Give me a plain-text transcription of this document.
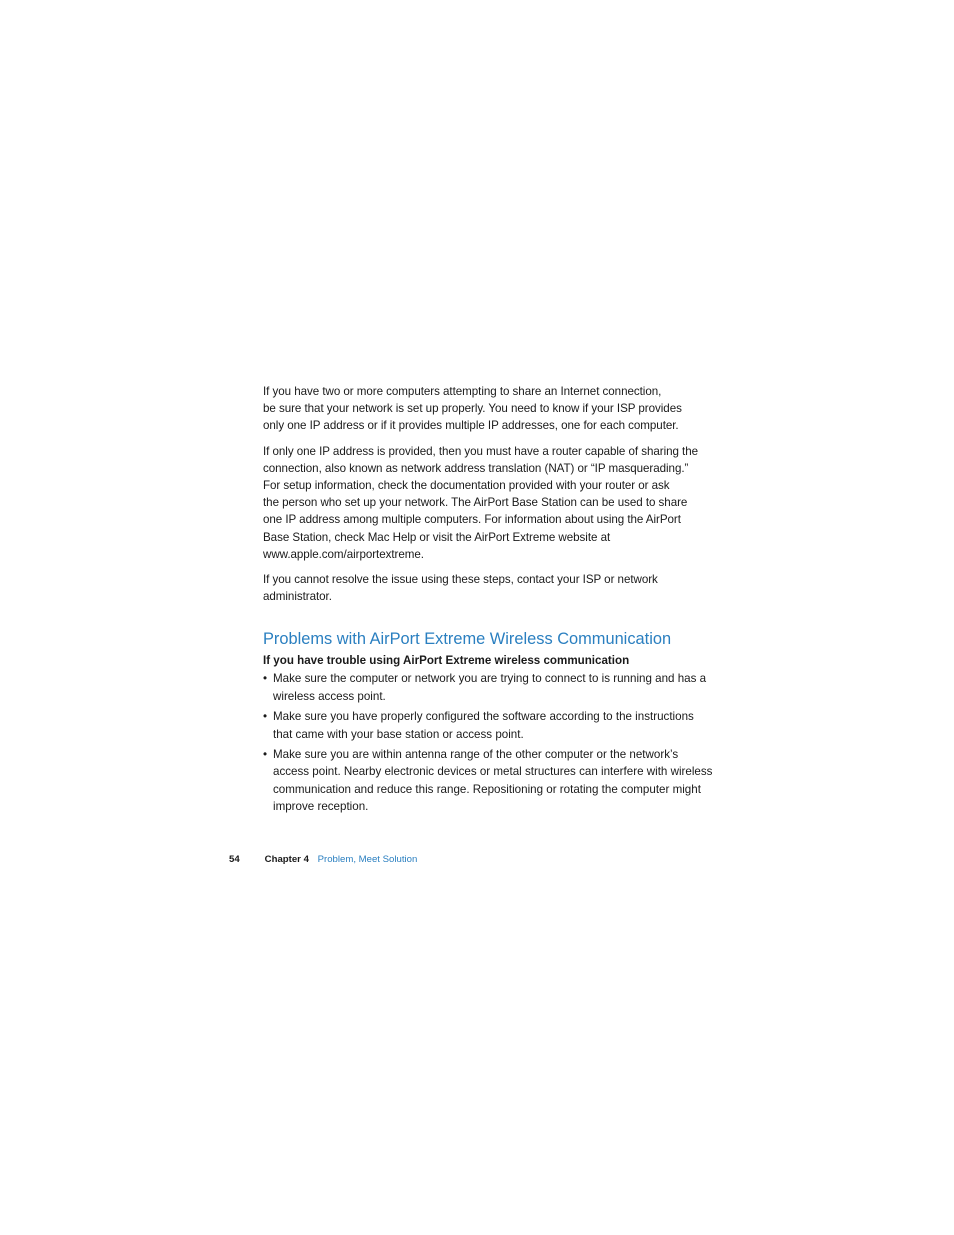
If you have two or more computers attempting to share an Internet connection,
be sure that your network is set up properly. You need to know if your ISP provides
only one IP address or if it provides multiple IP addresses, one for each computer.

If only one IP address is provided, then you must have a router capable of sharing the
connection, also known as network address translation (NAT) or “IP masquerading.”
For setup information, check the documentation provided with your router or ask
the person who set up your network. The AirPort Base Station can be used to share
one IP address among multiple computers. For information about using the AirPort
Base Station, check Mac Help or visit the AirPort Extreme website at
www.apple.com/airportextreme.

If you cannot resolve the issue using these steps, contact your ISP or network
administrator.

Problems with AirPort Extreme Wireless Communication
If you have trouble using AirPort Extreme wireless communication
• Make sure the computer or network you are trying to connect to is running and has a
wireless access point.
• Make sure you have properly configured the software according to the instructions
that came with your base station or access point.
• Make sure you are within antenna range of the other computer or the network’s
access point. Nearby electronic devices or metal structures can interfere with wireless
communication and reduce this range. Repositioning or rotating the computer might
improve reception.
54	Chapter 4 Problem, Meet Solution
